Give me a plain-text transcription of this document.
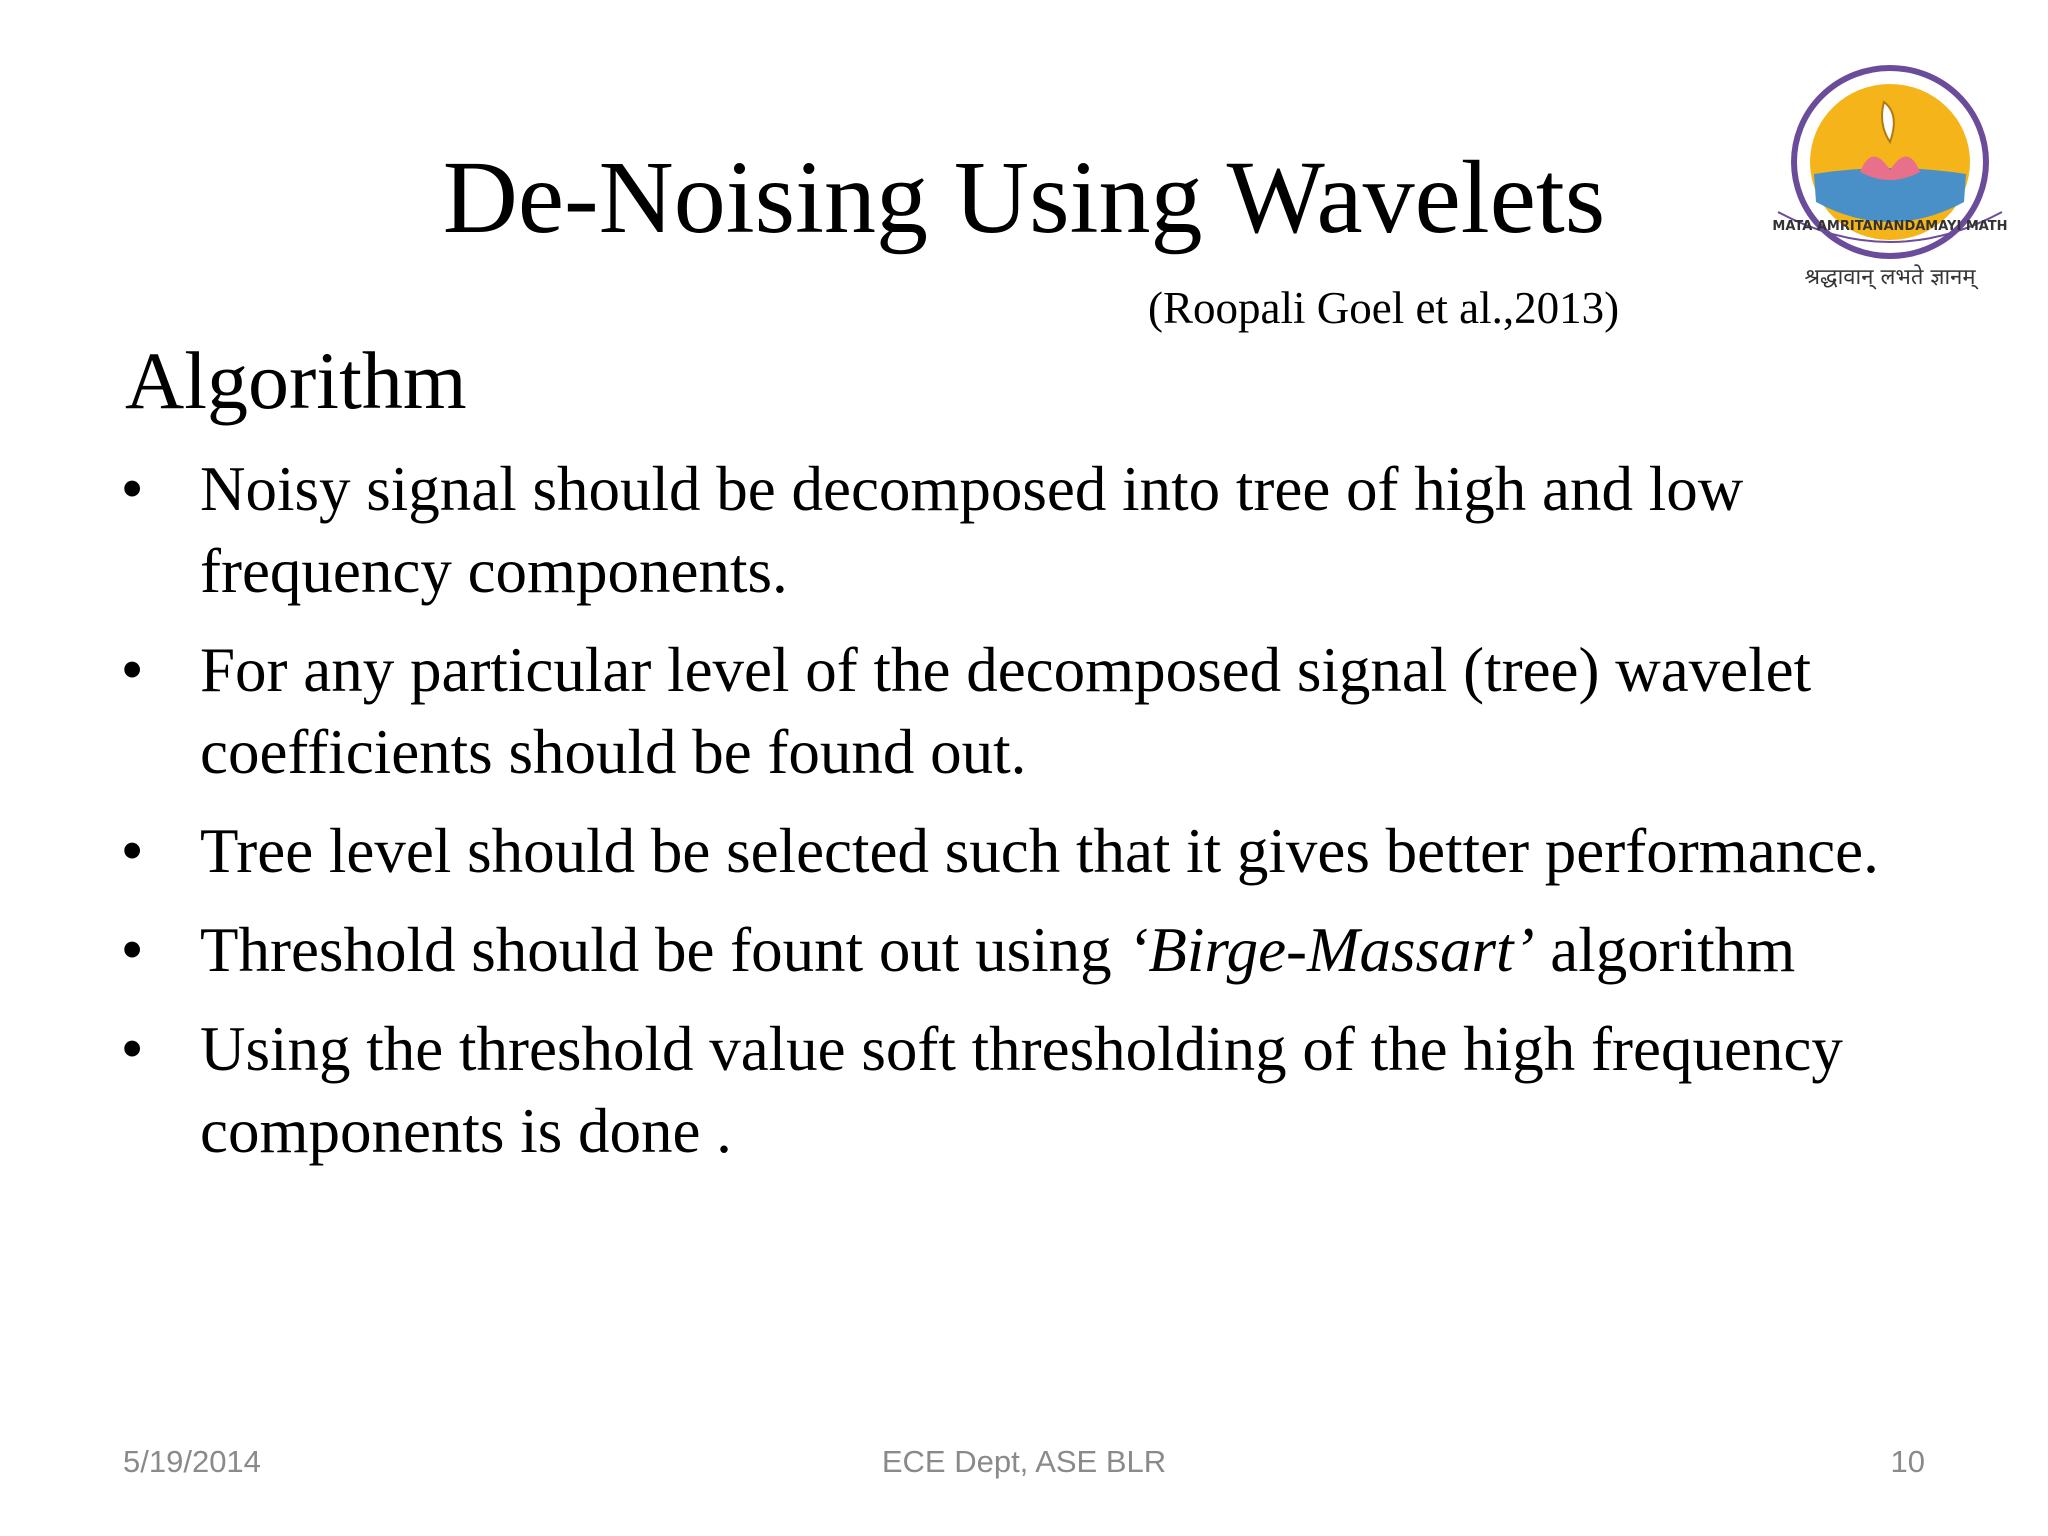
De-Noising Using Wavelets
(Roopali Goel et al.,2013)
Algorithm
MATA AMRITANANDAMAYI MATH
श्रद्धावान् लभते ज्ञानम्
• Noisy signal should be decomposed into tree of high and low frequency components.
• For any particular level of the decomposed signal (tree) wavelet coefficients should be found out.
• Tree level should be selected such that it gives better performance.
• Threshold should be fount out using ‘Birge-Massart’ algorithm
• Using the threshold value soft thresholding of the high frequency components is done .
5/19/2014	ECE Dept, ASE BLR	10
